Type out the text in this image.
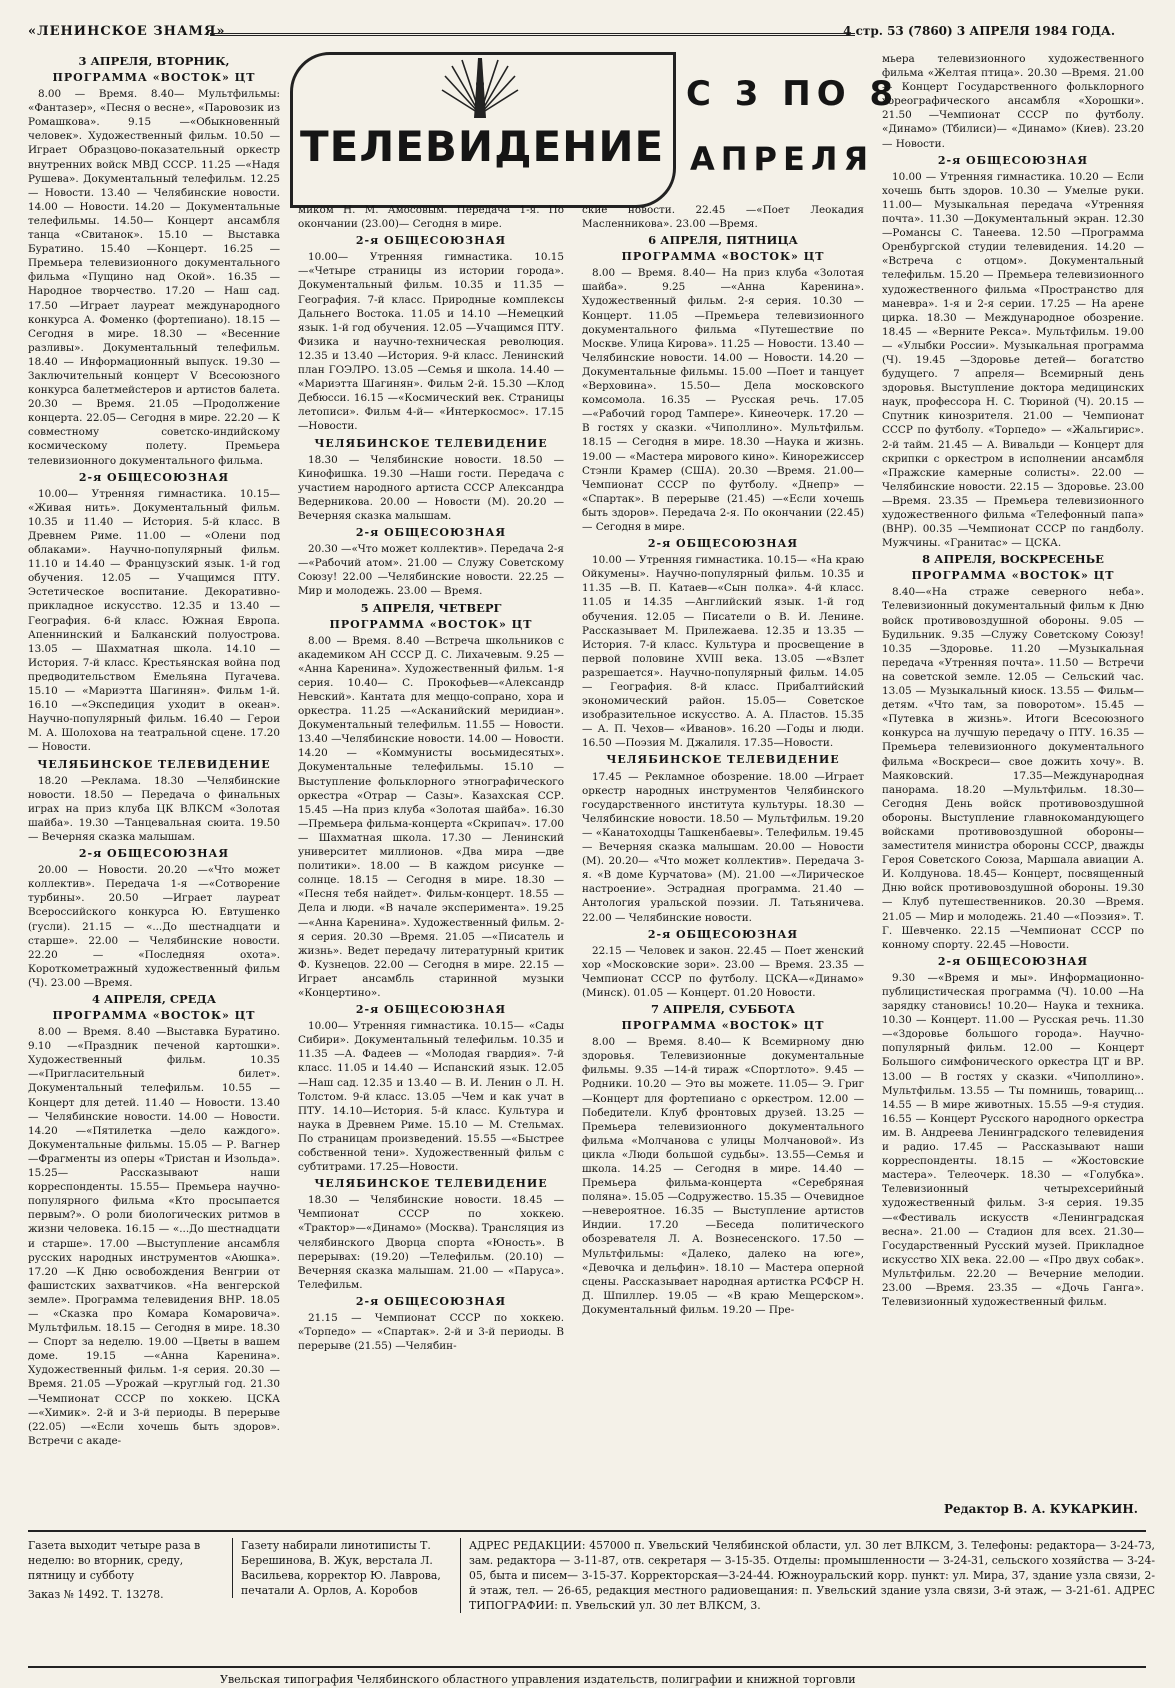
«ЛЕНИНСКОЕ ЗНАМЯ»	4 стр. 53 (7860) 3 АПРЕЛЯ 1984 ГОДА.
ТЕЛЕВИДЕНИЕ
С 3 ПО 8
АПРЕЛЯ
3 АПРЕЛЯ, ВТОРНИК,
ПРОГРАММА «ВОСТОК» ЦТ

8.00 — Время. 8.40— Мультфильмы: «Фантазер», «Песня о весне», «Паровозик из Ромашкова». 9.15 —«Обыкновенный человек». Художественный фильм. 10.50 — Играет Образцово-показательный оркестр внутренних войск МВД СССР. 11.25 —«Надя Рушева». Документальный телефильм. 12.25 — Новости. 13.40 — Челябинские новости. 14.00 — Новости. 14.20 — Документальные телефильмы. 14.50— Концерт ансамбля танца «Свитанок». 15.10 — Выставка Буратино. 15.40 —Концерт. 16.25 —Премьера телевизионного документального фильма «Пущино над Окой». 16.35 — Народное творчество. 17.20 — Наш сад. 17.50 —Играет лауреат международного конкурса А. Фоменко (фортепиано). 18.15 — Сегодня в мире. 18.30 — «Весенние разливы». Документальный телефильм. 18.40 — Информационный выпуск. 19.30 — Заключительный концерт V Всесоюзного конкурса балетмейстеров и артистов балета. 20.30 — Время. 21.05 —Продолжение концерта. 22.05— Сегодня в мире. 22.20 — К совместному советско-индийскому космическому полету. Премьера телевизионного документального фильма.

2-я ОБЩЕСОЮЗНАЯ

10.00— Утренняя гимнастика. 10.15— «Живая нить». Документальный фильм. 10.35 и 11.40 — История. 5-й класс. В Древнем Риме. 11.00 — «Олени под облаками». Научно-популярный фильм. 11.10 и 14.40 — Французский язык. 1-й год обучения. 12.05 — Учащимся ПТУ. Эстетическое воспитание. Декоративно-прикладное искусство. 12.35 и 13.40 — География. 6-й класс. Южная Европа. Апеннинский и Балканский полуострова. 13.05 — Шахматная школа. 14.10 — История. 7-й класс. Крестьянская война под предводительством Емельяна Пугачева. 15.10 — «Мариэтта Шагинян». Фильм 1-й. 16.10 —«Экспедиция уходит в океан». Научно-популярный фильм. 16.40 — Герои М. А. Шолохова на театральной сцене. 17.20 — Новости.

ЧЕЛЯБИНСКОЕ ТЕЛЕВИДЕНИЕ

18.20 —Реклама. 18.30 —Челябинские новости. 18.50 — Передача о финальных играх на приз клуба ЦК ВЛКСМ «Золотая шайба». 19.30 —Танцевальная сюита. 19.50 — Вечерняя сказка малышам.

2-я ОБЩЕСОЮЗНАЯ

20.00 — Новости. 20.20 —«Что может коллектив». Передача 1-я —«Сотворение турбины». 20.50 —Играет лауреат Всероссийского конкурса Ю. Евтушенко (гусли). 21.15 — «...До шестнадцати и старше». 22.00 — Челябинские новости. 22.20 — «Последняя охота». Короткометражный художественный фильм (Ч). 23.00 —Время.

4 АПРЕЛЯ, СРЕДА
ПРОГРАММА «ВОСТОК» ЦТ

8.00 — Время. 8.40 —Выставка Буратино. 9.10 —«Праздник печеной картошки». Художественный фильм. 10.35 —«Пригласительный билет». Документальный телефильм. 10.55 — Концерт для детей. 11.40 — Новости. 13.40 — Челябинские новости. 14.00 — Новости. 14.20 —«Пятилетка —дело каждого». Документальные фильмы. 15.05 — Р. Вагнер —Фрагменты из оперы «Тристан и Изольда». 15.25— Рассказывают наши корреспонденты. 15.55— Премьера научно-популярного фильма «Кто просыпается первым?». О роли биологических ритмов в жизни человека. 16.15 — «...До шестнадцати и старше». 17.00 —Выступление ансамбля русских народных инструментов «Аюшка». 17.20 —К Дню освобождения Венгрии от фашистских захватчиков. «На венгерской земле». Программа телевидения ВНР. 18.05 — «Сказка про Комара Комаровича». Мультфильм. 18.15 — Сегодня в мире. 18.30 — Спорт за неделю. 19.00 —Цветы в вашем доме. 19.15 —«Анна Каренина». Художественный фильм. 1-я серия. 20.30 — Время. 21.05 —Урожай —круглый год. 21.30—Чемпионат СССР по хоккею. ЦСКА—«Химик». 2-й и 3-й периоды. В перерыве (22.05) —«Если хочешь быть здоров». Встречи с акаде-

миком Н. М. Амосовым. Передача 1-я. По окончании (23.00)— Сегодня в мире.

2-я ОБЩЕСОЮЗНАЯ

10.00— Утренняя гимнастика. 10.15—«Четыре страницы из истории города». Документальный фильм. 10.35 и 11.35 — География. 7-й класс. Природные комплексы Дальнего Востока. 11.05 и 14.10 —Немецкий язык. 1-й год обучения. 12.05 —Учащимся ПТУ. Физика и научно-техническая революция. 12.35 и 13.40 —История. 9-й класс. Ленинский план ГОЭЛРО. 13.05 —Семья и школа. 14.40 — «Мариэтта Шагинян». Фильм 2-й. 15.30 —Клод Дебюсси. 16.15 —«Космический век. Страницы летописи». Фильм 4-й— «Интеркосмос». 17.15 —Новости.

ЧЕЛЯБИНСКОЕ ТЕЛЕВИДЕНИЕ

18.30 — Челябинские новости. 18.50 —Кинофишка. 19.30 —Наши гости. Передача с участием народного артиста СССР Александра Ведерникова. 20.00 — Новости (М). 20.20 — Вечерняя сказка малышам.

2-я ОБЩЕСОЮЗНАЯ

20.30 —«Что может коллектив». Передача 2-я —«Рабочий атом». 21.00 — Служу Советскому Союзу! 22.00 —Челябинские новости. 22.25 —Мир и молодежь. 23.00 — Время.

5 АПРЕЛЯ, ЧЕТВЕРГ
ПРОГРАММА «ВОСТОК» ЦТ

8.00 — Время. 8.40 —Встреча школьников с академиком АН СССР Д. С. Лихачевым. 9.25 — «Анна Каренина». Художественный фильм. 1-я серия. 10.40— С. Прокофьев—«Александр Невский». Кантата для меццо-сопрано, хора и оркестра. 11.25 —«Асканийский меридиан». Документальный телефильм. 11.55 — Новости. 13.40 —Челябинские новости. 14.00 — Новости. 14.20 — «Коммунисты восьмидесятых». Документальные телефильмы. 15.10 —Выступление фольклорного этнографического оркестра «Отрар — Сазы». Казахская ССР. 15.45 —На приз клуба «Золотая шайба». 16.30 —Премьера фильма-концерта «Скрипач». 17.00 — Шахматная школа. 17.30 — Ленинский университет миллионов. «Два мира —две политики». 18.00 — В каждом рисунке —солнце. 18.15 — Сегодня в мире. 18.30 — «Песня тебя найдет». Фильм-концерт. 18.55 — Дела и люди. «В начале эксперимента». 19.25 —«Анна Каренина». Художественный фильм. 2-я серия. 20.30 —Время. 21.05 —«Писатель и жизнь». Ведет передачу литературный критик Ф. Кузнецов. 22.00 — Сегодня в мире. 22.15 — Играет ансамбль старинной музыки «Концертино».

2-я ОБЩЕСОЮЗНАЯ

10.00— Утренняя гимнастика. 10.15— «Сады Сибири». Документальный телефильм. 10.35 и 11.35 —А. Фадеев — «Молодая гвардия». 7-й класс. 11.05 и 14.40 — Испанский язык. 12.05 —Наш сад. 12.35 и 13.40 — В. И. Ленин о Л. Н. Толстом. 9-й класс. 13.05 —Чем и как учат в ПТУ. 14.10—История. 5-й класс. Культура и наука в Древнем Риме. 15.10 — М. Стельмах. По страницам произведений. 15.55 —«Быстрее собственной тени». Художественный фильм с субтитрами. 17.25—Новости.

ЧЕЛЯБИНСКОЕ ТЕЛЕВИДЕНИЕ

18.30 — Челябинские новости. 18.45 —Чемпионат СССР по хоккею. «Трактор»—«Динамо» (Москва). Трансляция из челябинского Дворца спорта «Юность». В перерывах: (19.20) —Телефильм. (20.10) — Вечерняя сказка малышам. 21.00 — «Паруса». Телефильм.

2-я ОБЩЕСОЮЗНАЯ

21.15 — Чемпионат СССР по хоккею. «Торпедо» — «Спартак». 2-й и 3-й периоды. В перерыве (21.55) —Челябин-

ские новости. 22.45 —«Поет Леокадия Масленникова». 23.00 —Время.

6 АПРЕЛЯ, ПЯТНИЦА
ПРОГРАММА «ВОСТОК» ЦТ

8.00 — Время. 8.40— На приз клуба «Золотая шайба». 9.25 —«Анна Каренина». Художественный фильм. 2-я серия. 10.30 — Концерт. 11.05 —Премьера телевизионного документального фильма «Путешествие по Москве. Улица Кирова». 11.25 — Новости. 13.40 —Челябинские новости. 14.00 — Новости. 14.20 —Документальные фильмы. 15.00 —Поет и танцует «Верховина». 15.50— Дела московского комсомола. 16.35 — Русская речь. 17.05 —«Рабочий город Тампере». Кинеочерк. 17.20 — В гостях у сказки. «Чиполлино». Мультфильм. 18.15 — Сегодня в мире. 18.30 —Наука и жизнь. 19.00 — «Мастера мирового кино». Кинорежиссер Стэнли Крамер (США). 20.30 —Время. 21.00— Чемпионат СССР по футболу. «Днепр» — «Спартак». В перерыве (21.45) —«Если хочешь быть здоров». Передача 2-я. По окончании (22.45) — Сегодня в мире.

2-я ОБЩЕСОЮЗНАЯ

10.00 — Утренняя гимнастика. 10.15— «На краю Ойкумены». Научно-популярный фильм. 10.35 и 11.35 —В. П. Катаев—«Сын полка». 4-й класс. 11.05 и 14.35 —Английский язык. 1-й год обучения. 12.05 — Писатели о В. И. Ленине. Рассказывает М. Прилежаева. 12.35 и 13.35 —История. 7-й класс. Культура и просвещение в первой половине XVIII века. 13.05 —«Взлет разрешается». Научно-популярный фильм. 14.05 — География. 8-й класс. Прибалтийский экономический район. 15.05— Советское изобразительное искусство. А. А. Пластов. 15.35 — А. П. Чехов— «Иванов». 16.20 —Годы и люди. 16.50 —Поэзия М. Джалиля. 17.35—Новости.

ЧЕЛЯБИНСКОЕ ТЕЛЕВИДЕНИЕ

17.45 — Рекламное обозрение. 18.00 —Играет оркестр народных инструментов Челябинского государственного института культуры. 18.30 —Челябинские новости. 18.50 — Мультфильм. 19.20— «Канатоходцы Ташкенбаевы». Телефильм. 19.45 — Вечерняя сказка малышам. 20.00 — Новости (М). 20.20— «Что может коллектив». Передача 3-я. «В доме Курчатова» (М). 21.00 —«Лирическое настроение». Эстрадная программа. 21.40 — Антология уральской поэзии. Л. Татьяничева. 22.00 — Челябинские новости.

2-я ОБЩЕСОЮЗНАЯ

22.15 — Человек и закон. 22.45 — Поет женский хор «Московские зори». 23.00 — Время. 23.35 —Чемпионат СССР по футболу. ЦСКА—«Динамо» (Минск). 01.05 — Концерт. 01.20 Новости.

7 АПРЕЛЯ, СУББОТА
ПРОГРАММА «ВОСТОК» ЦТ

8.00 — Время. 8.40— К Всемирному дню здоровья. Телевизионные документальные фильмы. 9.35 —14-й тираж «Спортлото». 9.45 — Родники. 10.20 — Это вы можете. 11.05— Э. Григ—Концерт для фортепиано с оркестром. 12.00 — Победители. Клуб фронтовых друзей. 13.25 — Премьера телевизионного документального фильма «Молчанова с улицы Молчановой». Из цикла «Люди большой судьбы». 13.55—Семья и школа. 14.25 — Сегодня в мире. 14.40 — Премьера фильма-концерта «Серебряная поляна». 15.05 —Содружество. 15.35 — Очевидное—невероятное. 16.35 — Выступление артистов Индии. 17.20 —Беседа политического обозревателя Л. А. Вознесенского. 17.50 —Мультфильмы: «Далеко, далеко на юге», «Девочка и дельфин». 18.10 — Мастера оперной сцены. Рассказывает народная артистка РСФСР Н. Д. Шпиллер. 19.05 — «В краю Мещерском». Документальный фильм. 19.20 — Пре-

мьера телевизионного художественного фильма «Желтая птица». 20.30 —Время. 21.00 — Концерт Государственного фольклорного хореографического ансамбля «Хорошки». 21.50 —Чемпионат СССР по футболу. «Динамо» (Тбилиси)— «Динамо» (Киев). 23.20 — Новости.

2-я ОБЩЕСОЮЗНАЯ

10.00 — Утренняя гимнастика. 10.20 — Если хочешь быть здоров. 10.30 — Умелые руки. 11.00— Музыкальная передача «Утренняя почта». 11.30 —Документальный экран. 12.30 —Романсы С. Танеева. 12.50 —Программа Оренбургской студии телевидения. 14.20 — «Встреча с отцом». Документальный телефильм. 15.20 — Премьера телевизионного художественного фильма «Пространство для маневра». 1-я и 2-я серии. 17.25 — На арене цирка. 18.30 — Международное обозрение. 18.45 — «Верните Рекса». Мультфильм. 19.00 — «Улыбки России». Музыкальная программа (Ч). 19.45 —Здоровье детей— богатство будущего. 7 апреля— Всемирный день здоровья. Выступление доктора медицинских наук, профессора Н. С. Тюриной (Ч). 20.15 — Спутник кинозрителя. 21.00 — Чемпионат СССР по футболу. «Торпедо» — «Жальгирис». 2-й тайм. 21.45 — А. Вивальди — Концерт для скрипки с оркестром в исполнении ансамбля «Пражские камерные солисты». 22.00 — Челябинские новости. 22.15 — Здоровье. 23.00—Время. 23.35 — Премьера телевизионного художественного фильма «Телефонный папа» (ВНР). 00.35 —Чемпионат СССР по гандболу. Мужчины. «Гранитас» — ЦСКА.

8 АПРЕЛЯ, ВОСКРЕСЕНЬЕ
ПРОГРАММА «ВОСТОК» ЦТ

8.40—«На страже северного неба». Телевизионный документальный фильм к Дню войск противовоздушной обороны. 9.05 — Будильник. 9.35 —Служу Советскому Союзу! 10.35 —Здоровье. 11.20 —Музыкальная передача «Утренняя почта». 11.50 — Встречи на советской земле. 12.05 — Сельский час. 13.05 — Музыкальный киоск. 13.55 — Фильм—детям. «Что там, за поворотом». 15.45 — «Путевка в жизнь». Итоги Всесоюзного конкурса на лучшую передачу о ПТУ. 16.35 —Премьера телевизионного документального фильма «Воскреси— свое дожить хочу». В. Маяковский. 17.35—Международная панорама. 18.20 —Мультфильм. 18.30— Сегодня День войск противовоздушной обороны. Выступление главнокомандующего войсками противовоздушной обороны— заместителя министра обороны СССР, дважды Героя Советского Союза, Маршала авиации А. И. Колдунова. 18.45— Концерт, посвященный Дню войск противовоздушной обороны. 19.30 — Клуб путешественников. 20.30 —Время. 21.05 — Мир и молодежь. 21.40 —«Поэзия». Т. Г. Шевченко. 22.15 —Чемпионат СССР по конному спорту. 22.45 —Новости.

2-я ОБЩЕСОЮЗНАЯ

9.30 —«Время и мы». Информационно-публицистическая программа (Ч). 10.00 —На зарядку становись! 10.20— Наука и техника. 10.30 — Концерт. 11.00 — Русская речь. 11.30 —«Здоровье большого города». Научно-популярный фильм. 12.00 — Концерт Большого симфонического оркестра ЦТ и ВР. 13.00 — В гостях у сказки. «Чиполлино». Мультфильм. 13.55 — Ты помнишь, товарищ... 14.55 — В мире животных. 15.55 —9-я студия. 16.55 — Концерт Русского народного оркестра им. В. Андреева Ленинградского телевидения и радио. 17.45 — Рассказывают наши корреспонденты. 18.15 — «Жостовские мастера». Телеочерк. 18.30 — «Голубка». Телевизионный четырехсерийный художественный фильм. 3-я серия. 19.35 —«Фестиваль искусств «Ленинградская весна». 21.00 — Стадион для всех. 21.30—Государственный Русский музей. Прикладное искусство XIX века. 22.00 — «Про двух собак». Мультфильм. 22.20 — Вечерние мелодии. 23.00 —Время. 23.35 — «Дочь Ганга». Телевизионный художественный фильм.

Редактор В. А. КУКАРКИН.
Газета выходит четыре раза в неделю: во вторник, среду, пятницу и субботу
Заказ № 1492. Т. 13278.
Газету набирали линотиписты Т. Берешинова, В. Жук, верстала Л. Васильева, корректор Ю. Лаврова, печатали А. Орлов, А. Коробов
АДРЕС РЕДАКЦИИ: 457000 п. Увельский Челябинской области, ул. 30 лет ВЛКСМ, 3. Телефоны: редактора— 3-24-73, зам. редактора — 3-11-87, отв. секретаря — 3-15-35. Отделы: промышленности — 3-24-31, сельского хозяйства — 3-24-05, быта и писем— 3-15-37. Корректорская—3-24-44. Южноуральский корр. пункт: ул. Мира, 37, здание узла связи, 2-й этаж, тел. — 26-65, редакция местного радиовещания: п. Увельский здание узла связи, 3-й этаж, — 3-21-61. АДРЕС ТИПОГРАФИИ: п. Увельский ул. 30 лет ВЛКСМ, 3.
Увельская типография Челябинского областного управления издательств, полиграфии и книжной торговли
